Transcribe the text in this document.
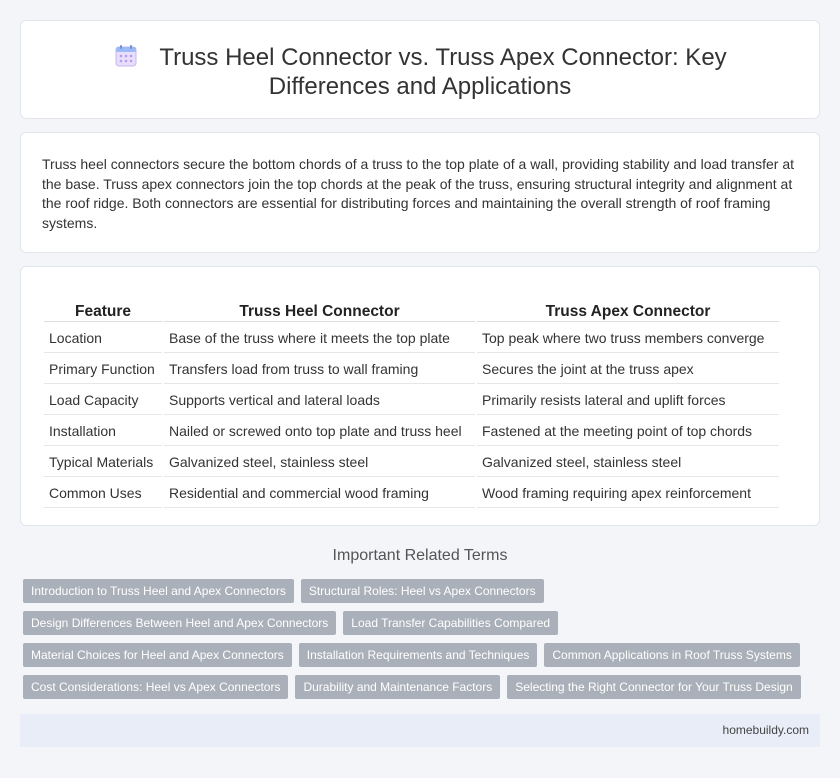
Truss Heel Connector vs. Truss Apex Connector: Key Differences and Applications

Truss heel connectors secure the bottom chords of a truss to the top plate of a wall, providing stability and load transfer at the base. Truss apex connectors join the top chords at the peak of the truss, ensuring structural integrity and alignment at the roof ridge. Both connectors are essential for distributing forces and maintaining the overall strength of roof framing systems.

Feature	Truss Heel Connector	Truss Apex Connector
Location	Base of the truss where it meets the top plate	Top peak where two truss members converge
Primary Function	Transfers load from truss to wall framing	Secures the joint at the truss apex
Load Capacity	Supports vertical and lateral loads	Primarily resists lateral and uplift forces
Installation	Nailed or screwed onto top plate and truss heel	Fastened at the meeting point of top chords
Typical Materials	Galvanized steel, stainless steel	Galvanized steel, stainless steel
Common Uses	Residential and commercial wood framing	Wood framing requiring apex reinforcement
Important Related Terms
Introduction to Truss Heel and Apex Connectors	Structural Roles: Heel vs Apex Connectors
Design Differences Between Heel and Apex Connectors	Load Transfer Capabilities Compared
Material Choices for Heel and Apex Connectors	Installation Requirements and Techniques	Common Applications in Roof Truss Systems
Cost Considerations: Heel vs Apex Connectors	Durability and Maintenance Factors	Selecting the Right Connector for Your Truss Design
homebuildy.com
